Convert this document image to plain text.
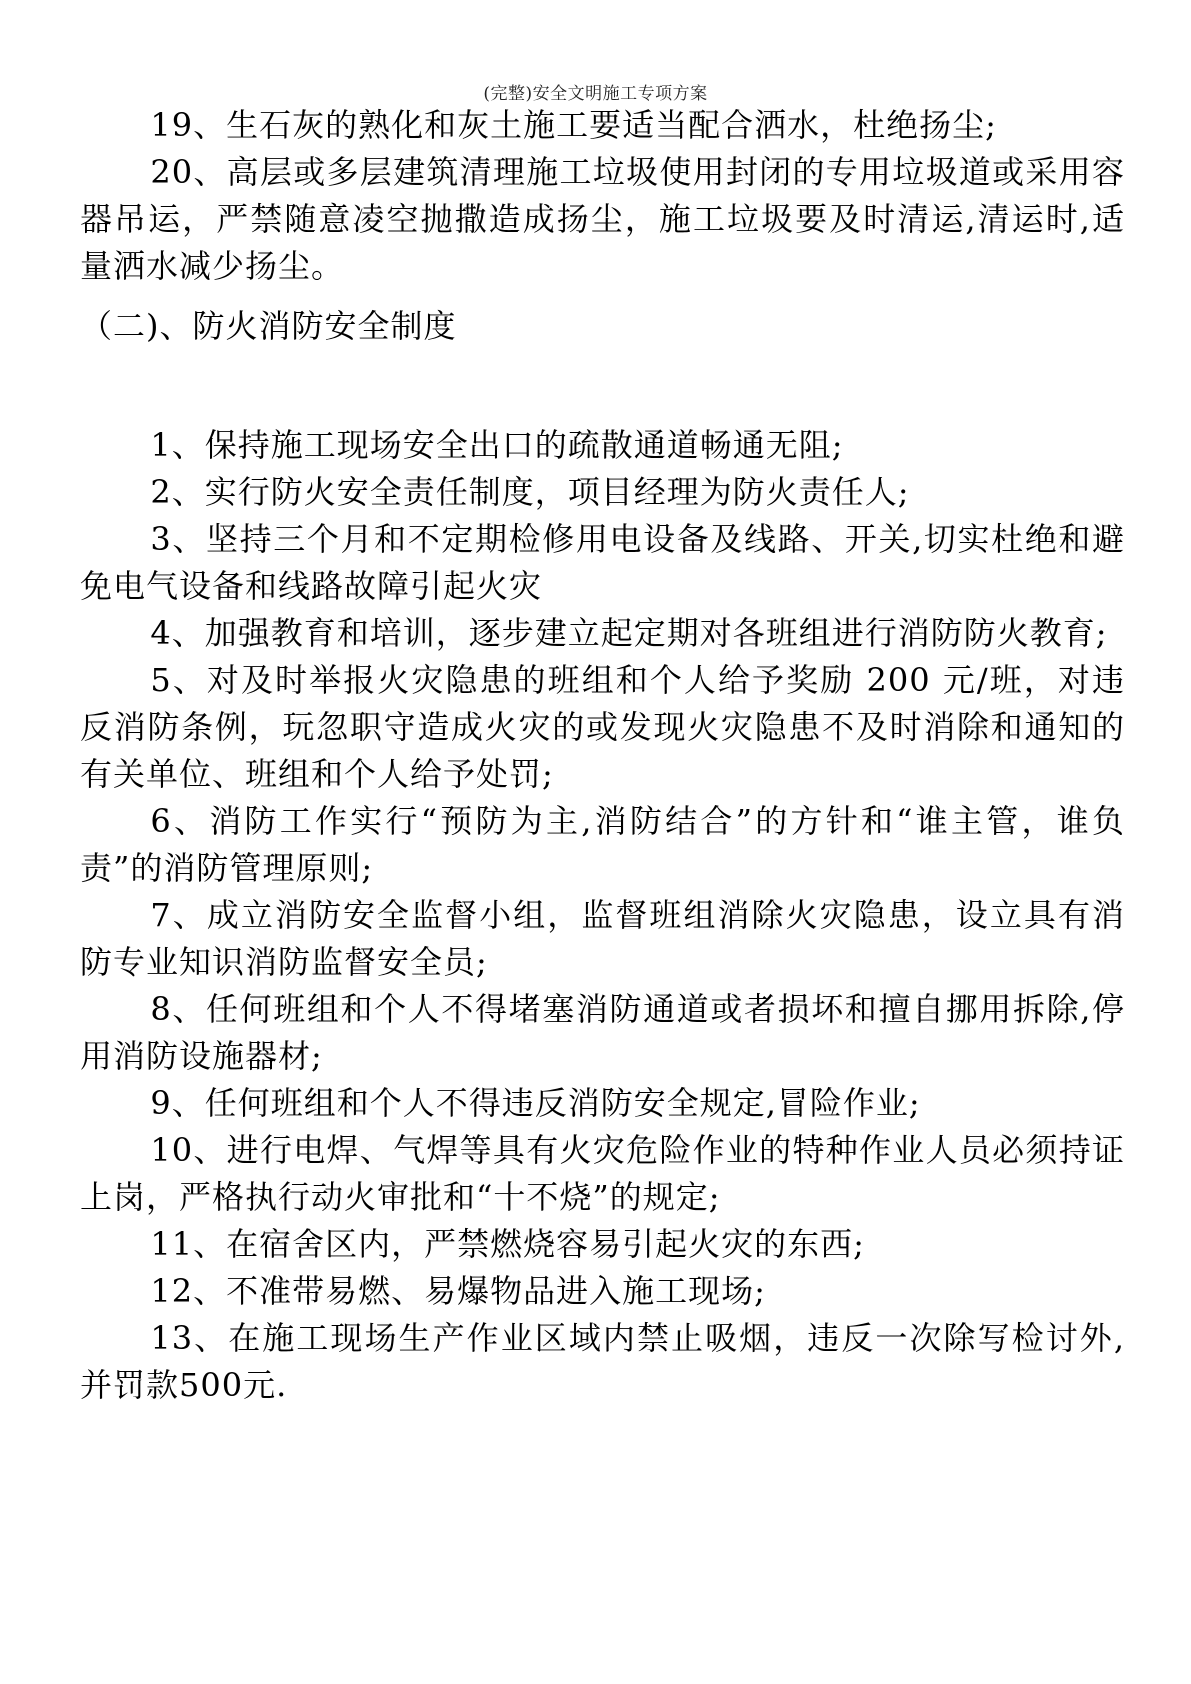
(完整)安全文明施工专项方案

19、生石灰的熟化和灰土施工要适当配合洒水，杜绝扬尘;

20、高层或多层建筑清理施工垃圾使用封闭的专用垃圾道或采用容器吊运，严禁随意凌空抛撒造成扬尘，施工垃圾要及时清运,清运时,适量洒水减少扬尘。

（二)、防火消防安全制度

1、保持施工现场安全出口的疏散通道畅通无阻;

2、实行防火安全责任制度，项目经理为防火责任人;

3、坚持三个月和不定期检修用电设备及线路、开关,切实杜绝和避免电气设备和线路故障引起火灾

4、加强教育和培训，逐步建立起定期对各班组进行消防防火教育;

5、对及时举报火灾隐患的班组和个人给予奖励 200 元/班，对违反消防条例，玩忽职守造成火灾的或发现火灾隐患不及时消除和通知的有关单位、班组和个人给予处罚;

6、消防工作实行“预防为主,消防结合”的方针和“谁主管，谁负责”的消防管理原则;

7、成立消防安全监督小组，监督班组消除火灾隐患，设立具有消防专业知识消防监督安全员;

8、任何班组和个人不得堵塞消防通道或者损坏和擅自挪用拆除,停用消防设施器材;

9、任何班组和个人不得违反消防安全规定,冒险作业;

10、进行电焊、气焊等具有火灾危险作业的特种作业人员必须持证上岗，严格执行动火审批和“十不烧”的规定;

11、在宿舍区内，严禁燃烧容易引起火灾的东西;

12、不准带易燃、易爆物品进入施工现场;

13、在施工现场生产作业区域内禁止吸烟，违反一次除写检讨外,并罚款500元.
